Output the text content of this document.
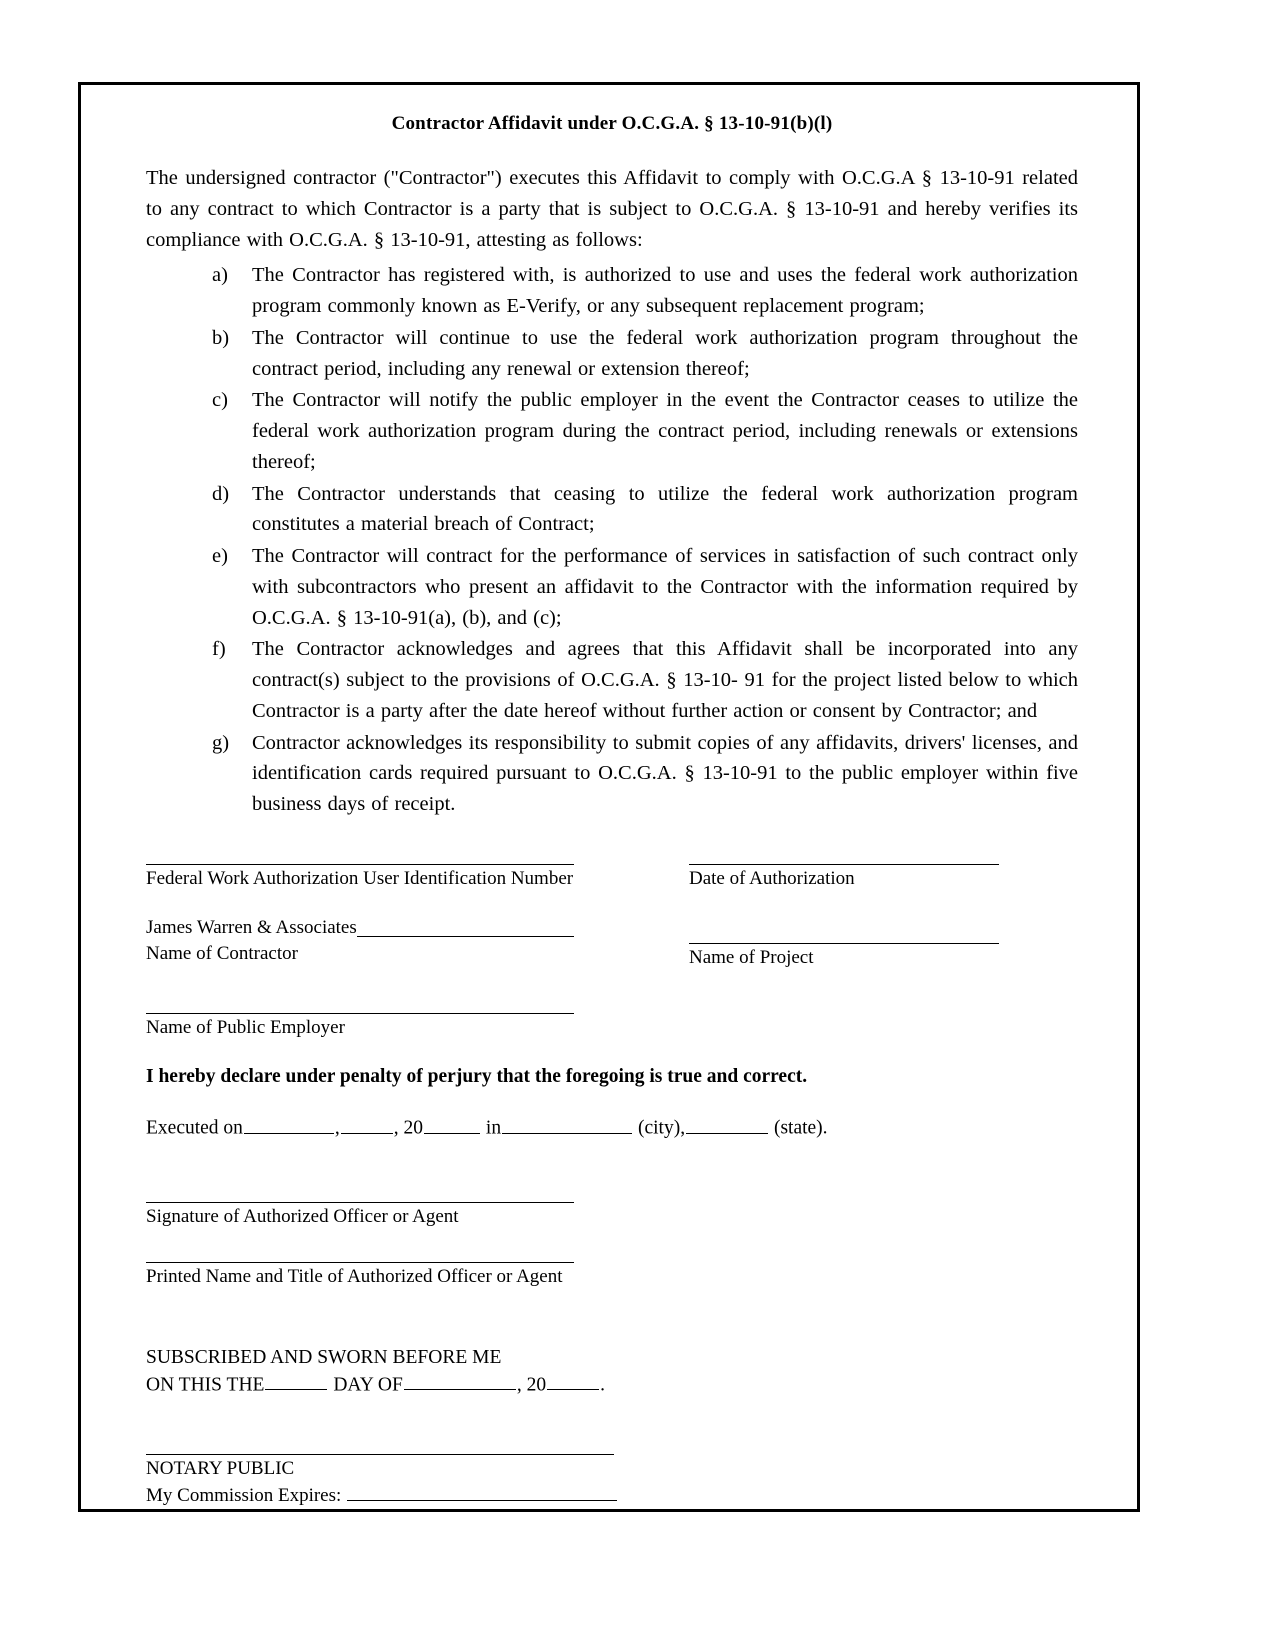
Contractor Affidavit under O.C.G.A. § 13-10-91(b)(l)

The undersigned contractor ("Contractor") executes this Affidavit to comply with O.C.G.A § 13-10-91 related to any contract to which Contractor is a party that is subject to O.C.G.A. § 13-10-91 and hereby verifies its compliance with O.C.G.A. § 13-10-91, attesting as follows:

a)	The Contractor has registered with, is authorized to use and uses the federal work authorization program commonly known as E-Verify, or any subsequent replacement program;
b)	The Contractor will continue to use the federal work authorization program throughout the contract period, including any renewal or extension thereof;
c)	The Contractor will notify the public employer in the event the Contractor ceases to utilize the federal work authorization program during the contract period, including renewals or extensions thereof;
d)	The Contractor understands that ceasing to utilize the federal work authorization program constitutes a material breach of Contract;
e)	The Contractor will contract for the performance of services in satisfaction of such contract only with subcontractors who present an affidavit to the Contractor with the information required by O.C.G.A. § 13-10-91(a), (b), and (c);
f)	The Contractor acknowledges and agrees that this Affidavit shall be incorporated into any contract(s) subject to the provisions of O.C.G.A. § 13-10- 91 for the project listed below to which Contractor is a party after the date hereof without further action or consent by Contractor; and
g)	Contractor acknowledges its responsibility to submit copies of any affidavits, drivers' licenses, and identification cards required pursuant to O.C.G.A. § 13-10-91 to the public employer within five business days of receipt.
Federal Work Authorization User Identification Number	Date of Authorization
James Warren & Associates
Name of Contractor	Name of Project
Name of Public Employer

I hereby declare under penalty of perjury that the foregoing is true and correct.

Executed on	,	, 20	in	(city),	(state).
Signature of Authorized Officer or Agent
Printed Name and Title of Authorized Officer or Agent
SUBSCRIBED AND SWORN BEFORE ME
ON THIS THE	DAY OF	, 20	.
NOTARY PUBLIC
My Commission Expires:
